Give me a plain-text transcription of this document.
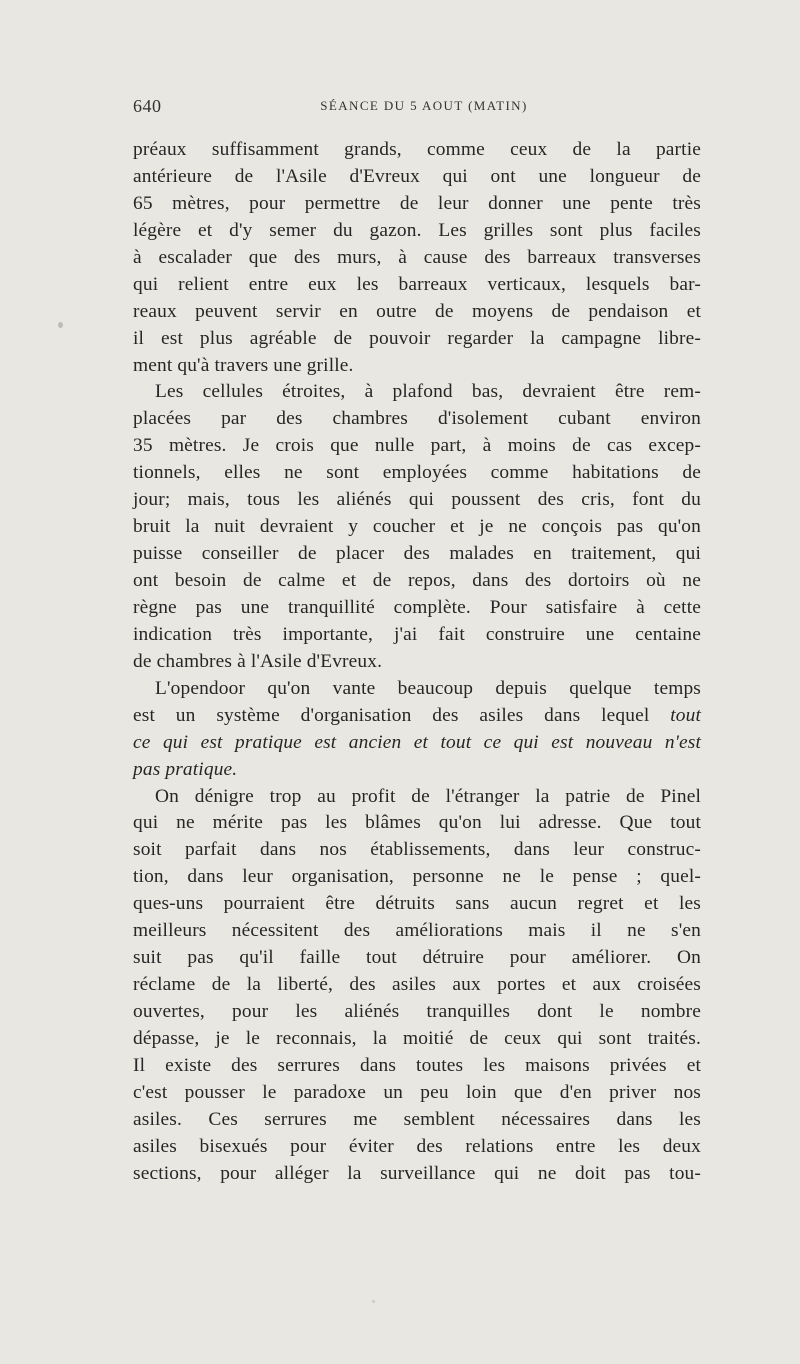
640	SÉANCE DU 5 AOUT (MATIN)
préaux suffisamment grands, comme ceux de la partie
antérieure de l'Asile d'Evreux qui ont une longueur de
65 mètres, pour permettre de leur donner une pente très
légère et d'y semer du gazon. Les grilles sont plus faciles
à escalader que des murs, à cause des barreaux transverses
qui relient entre eux les barreaux verticaux, lesquels bar-
reaux peuvent servir en outre de moyens de pendaison et
il est plus agréable de pouvoir regarder la campagne libre-
ment qu'à travers une grille.
Les cellules étroites, à plafond bas, devraient être rem-
placées par des chambres d'isolement cubant environ
35 mètres. Je crois que nulle part, à moins de cas excep-
tionnels, elles ne sont employées comme habitations de
jour; mais, tous les aliénés qui poussent des cris, font du
bruit la nuit devraient y coucher et je ne conçois pas qu'on
puisse conseiller de placer des malades en traitement, qui
ont besoin de calme et de repos, dans des dortoirs où ne
règne pas une tranquillité complète. Pour satisfaire à cette
indication très importante, j'ai fait construire une centaine
de chambres à l'Asile d'Evreux.
L'opendoor qu'on vante beaucoup depuis quelque temps
est un système d'organisation des asiles dans lequel tout
ce qui est pratique est ancien et tout ce qui est nouveau n'est
pas pratique.
On dénigre trop au profit de l'étranger la patrie de Pinel
qui ne mérite pas les blâmes qu'on lui adresse. Que tout
soit parfait dans nos établissements, dans leur construc-
tion, dans leur organisation, personne ne le pense ; quel-
ques-uns pourraient être détruits sans aucun regret et les
meilleurs nécessitent des améliorations mais il ne s'en
suit pas qu'il faille tout détruire pour améliorer. On
réclame de la liberté, des asiles aux portes et aux croisées
ouvertes, pour les aliénés tranquilles dont le nombre
dépasse, je le reconnais, la moitié de ceux qui sont traités.
Il existe des serrures dans toutes les maisons privées et
c'est pousser le paradoxe un peu loin que d'en priver nos
asiles. Ces serrures me semblent nécessaires dans les
asiles bisexués pour éviter des relations entre les deux
sections, pour alléger la surveillance qui ne doit pas tou-
